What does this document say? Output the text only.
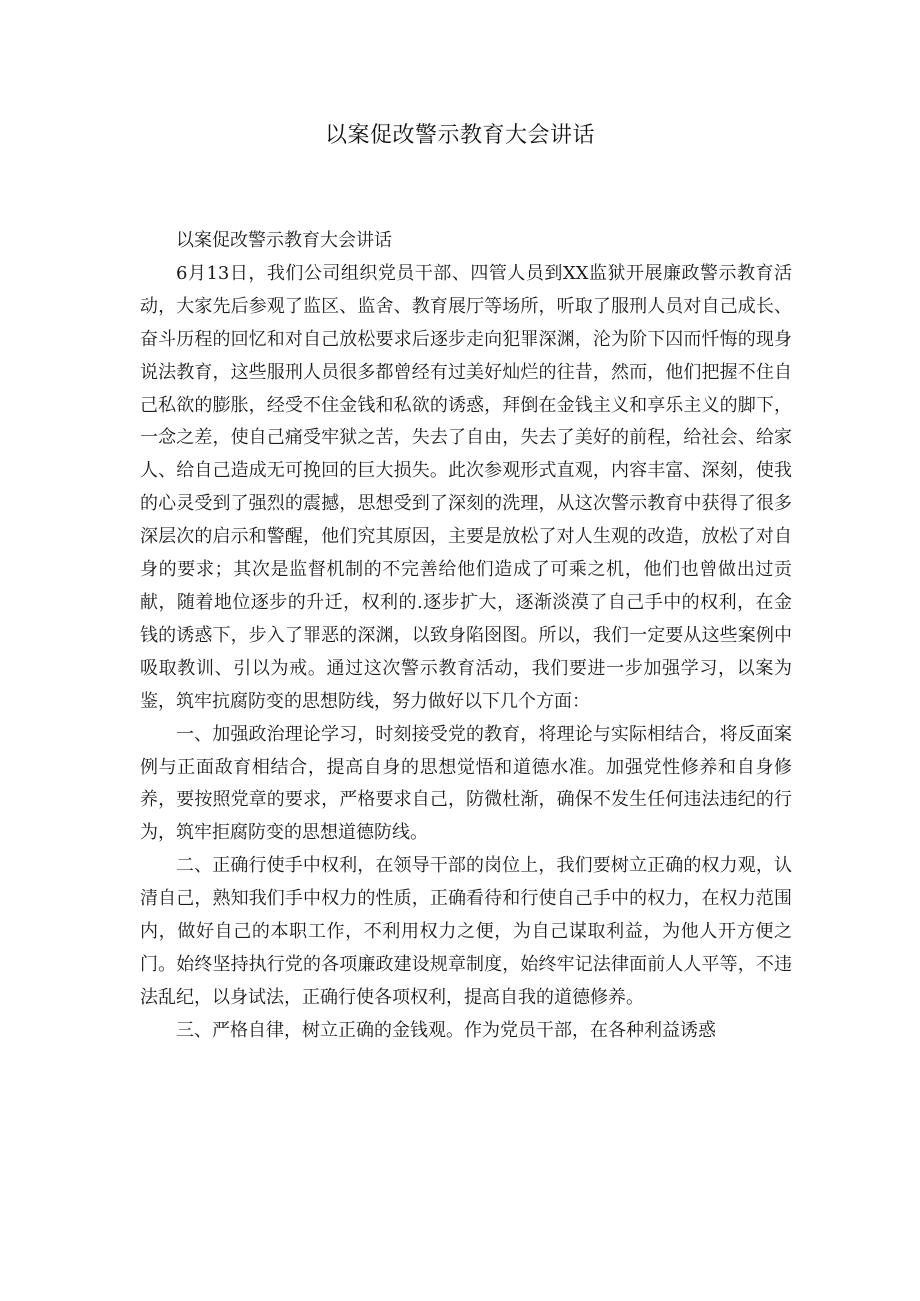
以案促改警示教育大会讲话

以案促改警示教育大会讲话

6月13日，我们公司组织党员干部、四管人员到XX监狱开展廉政警示教育活动，大家先后参观了监区、监舍、教育展厅等场所，听取了服刑人员对自己成长、奋斗历程的回忆和对自己放松要求后逐步走向犯罪深渊，沦为阶下囚而忏悔的现身说法教育，这些服刑人员很多都曾经有过美好灿烂的往昔，然而，他们把握不住自己私欲的膨胀，经受不住金钱和私欲的诱惑，拜倒在金钱主义和享乐主义的脚下，一念之差，使自己痛受牢狱之苦，失去了自由，失去了美好的前程，给社会、给家人、给自己造成无可挽回的巨大损失。此次参观形式直观，内容丰富、深刻，使我的心灵受到了强烈的震撼，思想受到了深刻的洗理，从这次警示教育中获得了很多深层次的启示和警醒，他们究其原因，主要是放松了对人生观的改造，放松了对自身的要求；其次是监督机制的不完善给他们造成了可乘之机，他们也曾做出过贡献，随着地位逐步的升迁，权利的.逐步扩大，逐渐淡漠了自己手中的权利，在金钱的诱惑下，步入了罪恶的深渊，以致身陷囹图。所以，我们一定要从这些案例中吸取教训、引以为戒。通过这次警示教育活动，我们要进一步加强学习，以案为鉴，筑牢抗腐防变的思想防线，努力做好以下几个方面：

一、加强政治理论学习，时刻接受党的教育，将理论与实际相结合，将反面案例与正面敌育相结合，提高自身的思想觉悟和道德水准。加强党性修养和自身修养，要按照党章的要求，严格要求自己，防微杜渐，确保不发生任何违法违纪的行为，筑牢拒腐防变的思想道德防线。

二、正确行使手中权利，在领导干部的岗位上，我们要树立正确的权力观，认清自己，熟知我们手中权力的性质，正确看待和行使自己手中的权力，在权力范围内，做好自己的本职工作，不利用权力之便，为自己谋取利益，为他人开方便之门。始终坚持执行党的各项廉政建设规章制度，始终牢记法律面前人人平等，不违法乱纪，以身试法，正确行使各项权利，提高自我的道德修养。

三、严格自律，树立正确的金钱观。作为党员干部，在各种利益诱惑
